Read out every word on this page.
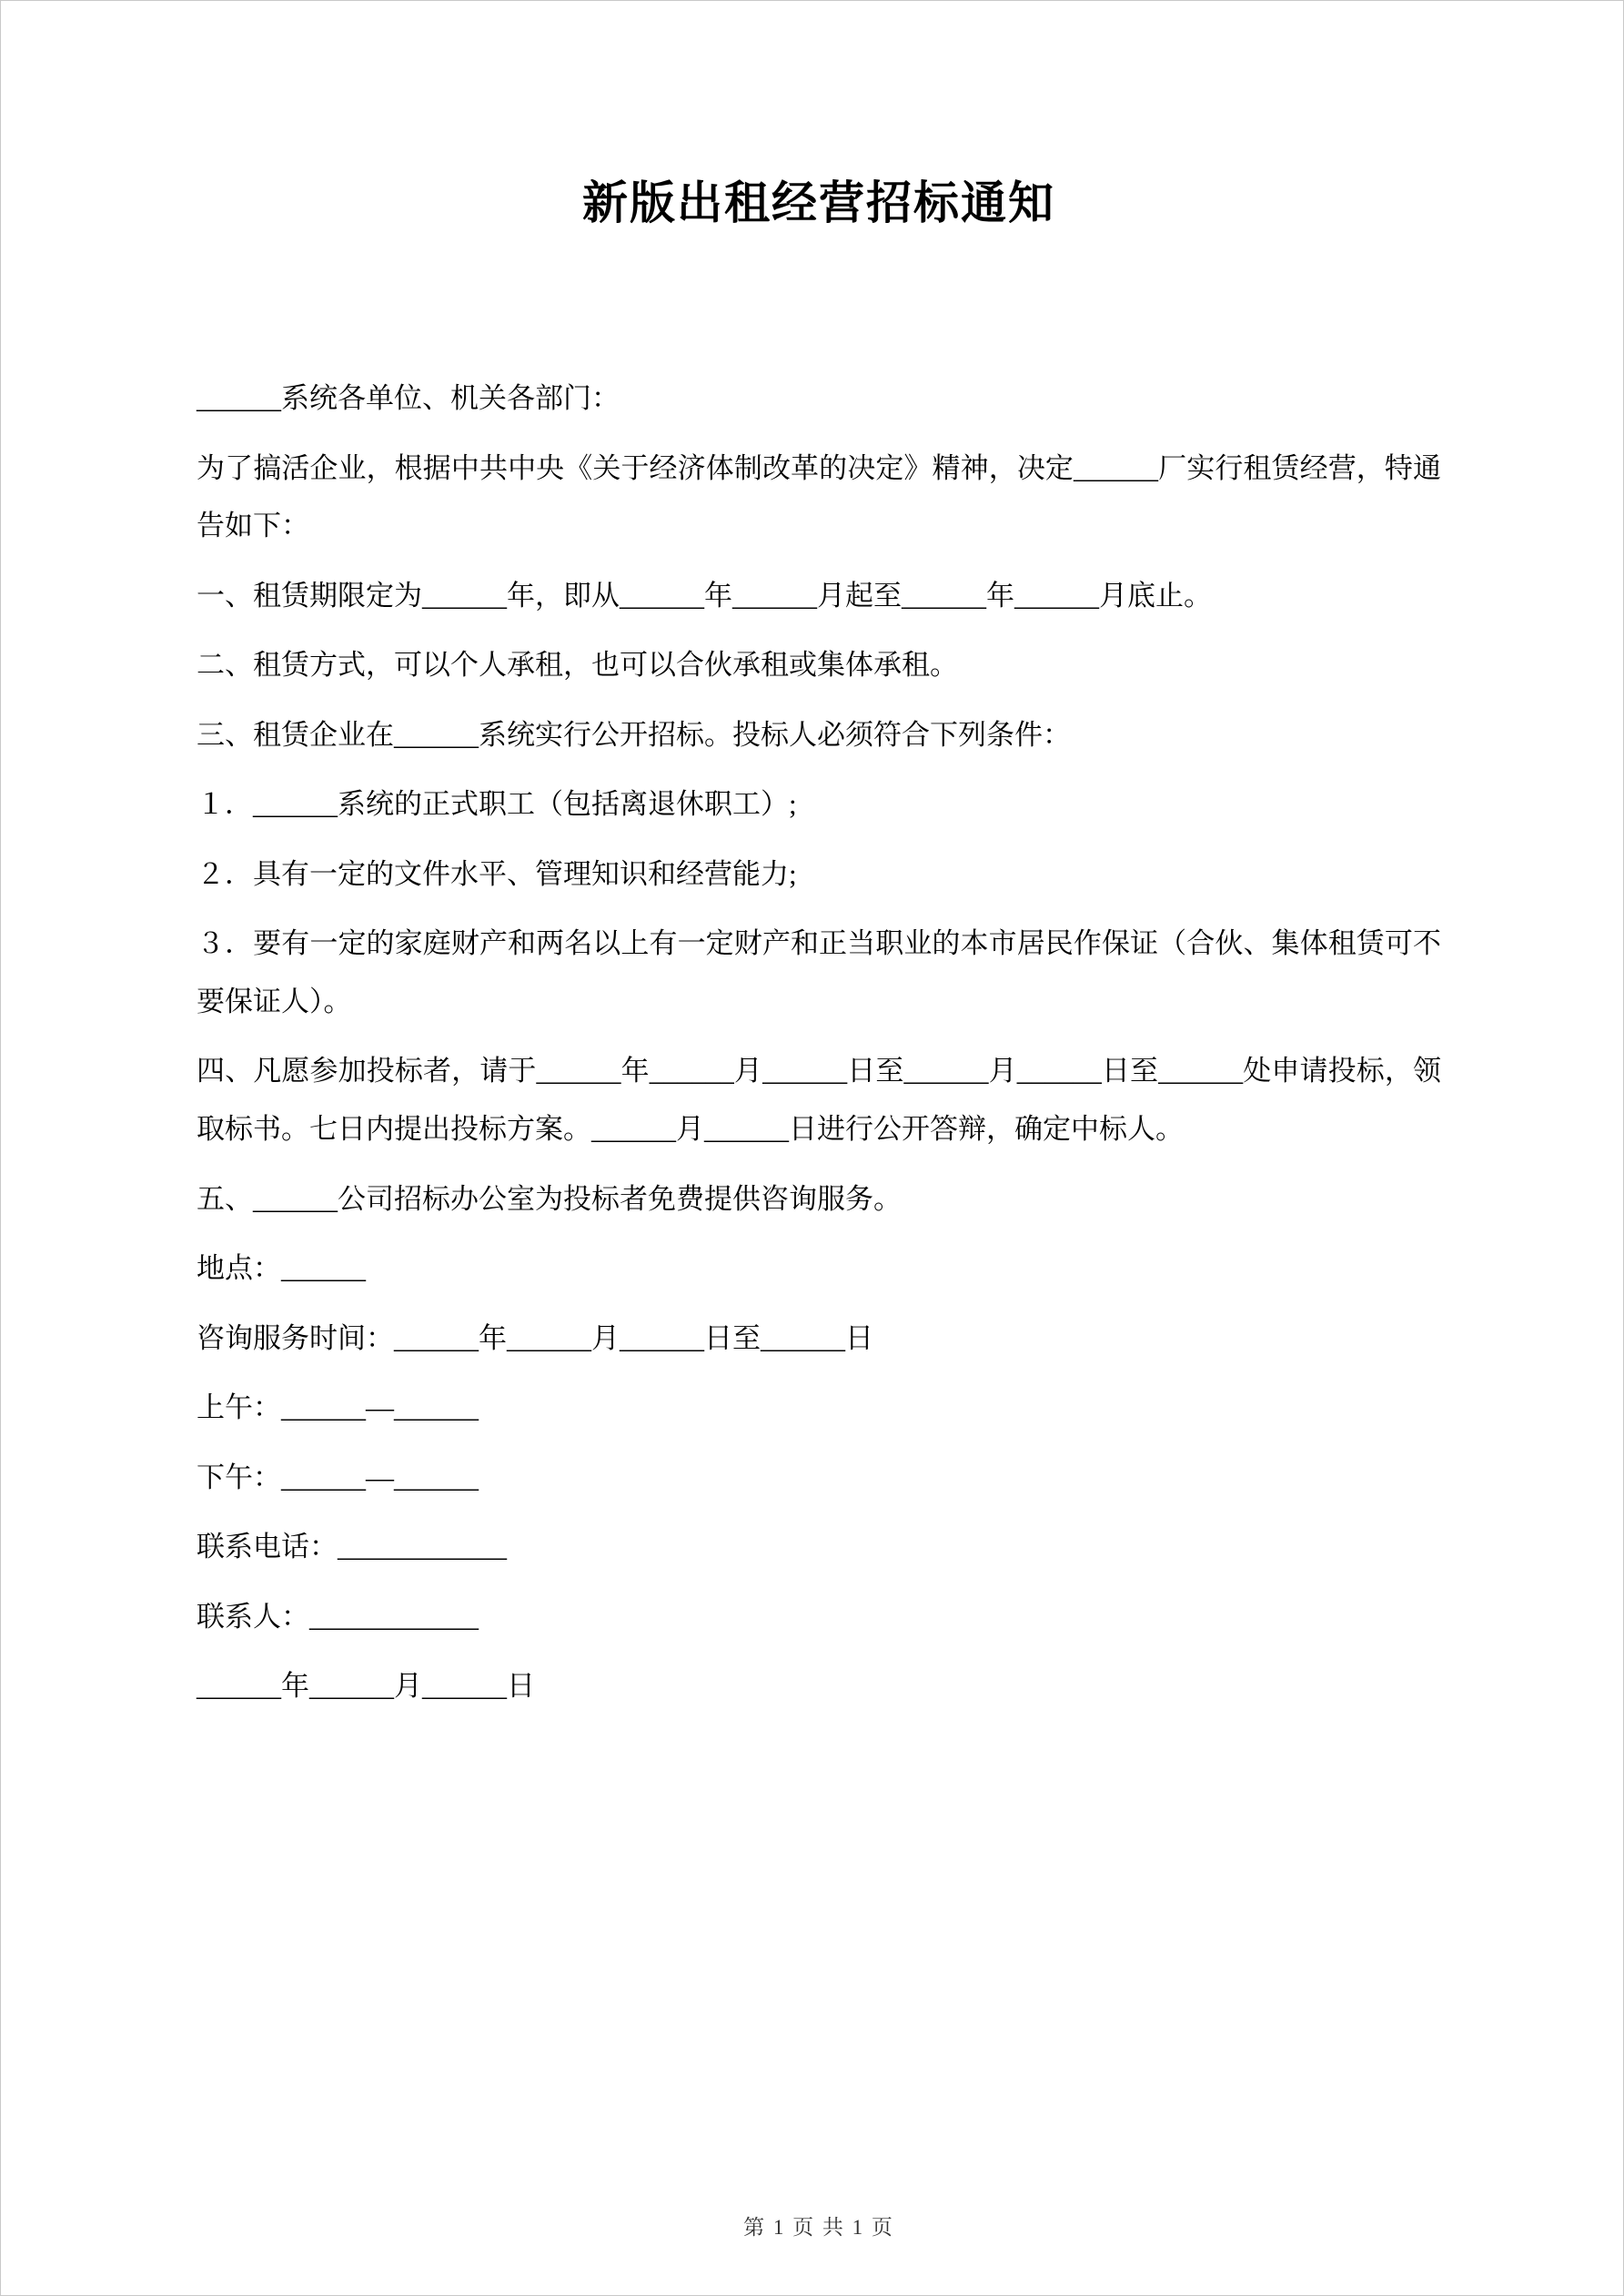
新版出租经营招标通知

______系统各单位、机关各部门：

为了搞活企业，根据中共中央《关于经济体制改革的决定》精神，决定______厂实行租赁经营，特通告如下：

一、租赁期限定为______年，即从______年______月起至______年______月底止。

二、租赁方式，可以个人承租，也可以合伙承租或集体承租。

三、租赁企业在______系统实行公开招标。投标人必须符合下列条件：

１．______系统的正式职工（包括离退休职工）;

２．具有一定的文件水平、管理知识和经营能力;

３．要有一定的家庭财产和两名以上有一定财产和正当职业的本市居民作保证（合伙、集体租赁可不要保证人）。

四、凡愿参加投标者，请于______年______月______日至______月______日至______处申请投标，领取标书。七日内提出投标方案。______月______日进行公开答辩，确定中标人。

五、______公司招标办公室为投标者免费提供咨询服务。

地点：______

咨询服务时间：______年______月______日至______日

上午：______—______

下午：______—______

联系电话：____________

联系人：____________

______年______月______日

第 1 页 共 1 页
